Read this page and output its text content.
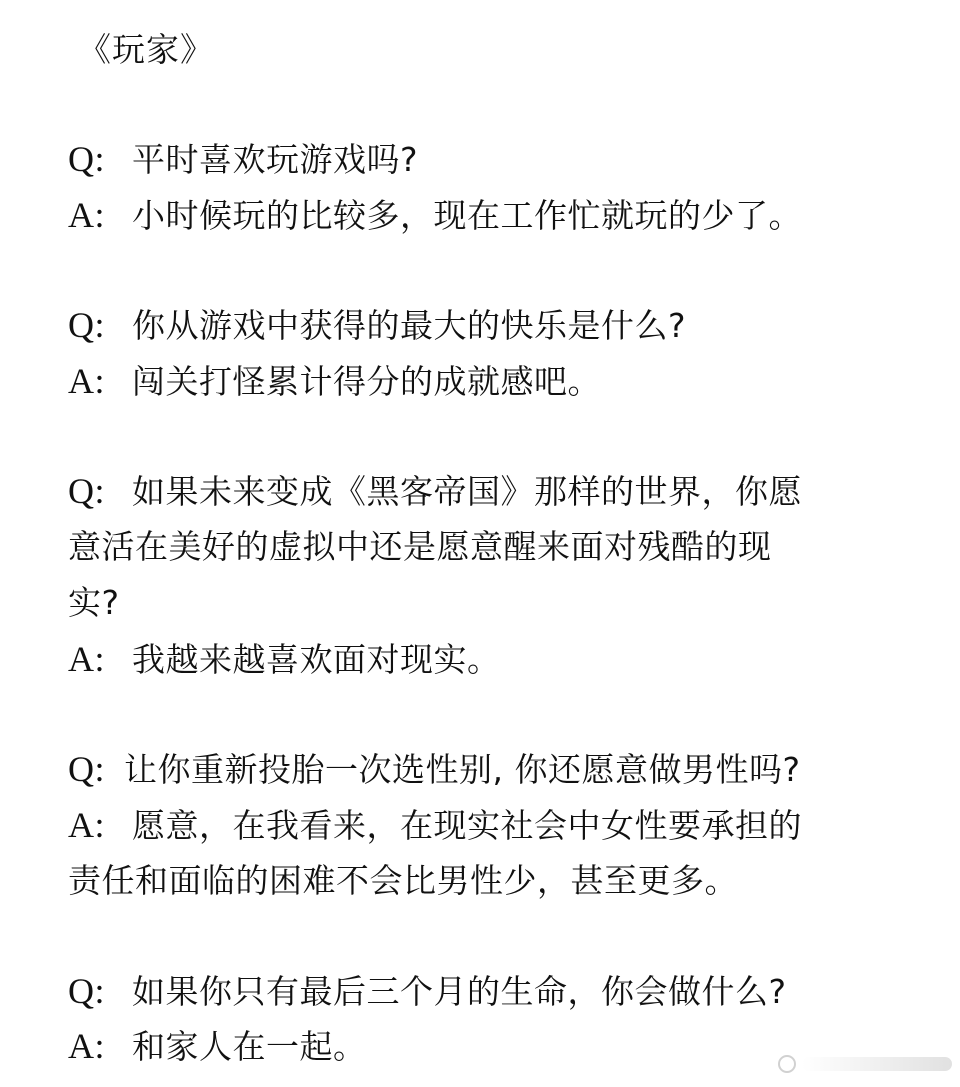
《玩家》
Q: 平时喜欢玩游戏吗?
A: 小时候玩的比较多，现在工作忙就玩的少了。
Q: 你从游戏中获得的最大的快乐是什么?
A: 闯关打怪累计得分的成就感吧。
Q: 如果未来变成《黑客帝国》那样的世界，你愿
意活在美好的虚拟中还是愿意醒来面对残酷的现
实?
A: 我越来越喜欢面对现实。
Q: 让你重新投胎一次选性别, 你还愿意做男性吗?
A: 愿意，在我看来，在现实社会中女性要承担的
责任和面临的困难不会比男性少，甚至更多。
Q: 如果你只有最后三个月的生命，你会做什么?
A: 和家人在一起。
